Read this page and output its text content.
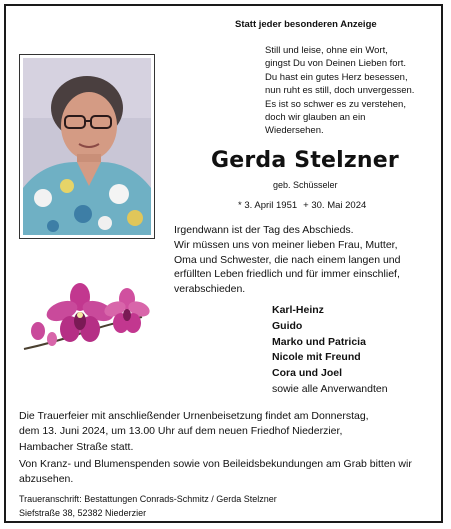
Statt jeder besonderen Anzeige
Still und leise, ohne ein Wort,
gingst Du von Deinen Lieben fort.
Du hast ein gutes Herz besessen,
nun ruht es still, doch unvergessen.
Es ist so schwer es zu verstehen,
doch wir glauben an ein
Wiedersehen.
Gerda Stelzner
geb. Schüsseler
* 3. April 1951 + 30. Mai 2024
Irgendwann ist der Tag des Abschieds.
Wir müssen uns von meiner lieben Frau, Mutter,
Oma und Schwester, die nach einem langen und
erfüllten Leben friedlich und für immer einschlief,
verabschieden.
Karl-Heinz
Guido
Marko und Patricia
Nicole mit Freund
Cora und Joel
sowie alle Anverwandten
Die Trauerfeier mit anschließender Urnenbeisetzung findet am Donnerstag,
dem 13. Juni 2024, um 13.00 Uhr auf dem neuen Friedhof Niederzier,
Hambacher Straße statt.
Von Kranz- und Blumenspenden sowie von Beileidsbekundungen am Grab bitten wir
abzusehen.
Traueranschrift: Bestattungen Conrads-Schmitz / Gerda Stelzner
Siefstraße 38, 52382 Niederzier
